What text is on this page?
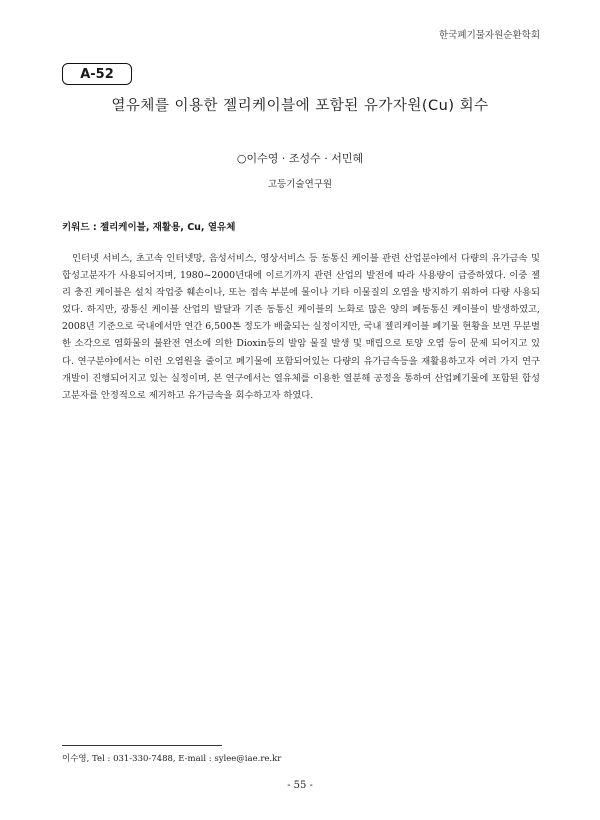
한국폐기물자원순환학회
A-52
열유체를 이용한 젤리케이블에 포함된 유가자원(Cu) 회수
○이수영 · 조성수 · 서민혜
고등기술연구원
키워드 : 젤리케이블, 재활용, Cu, 열유체

인터넷 서비스, 초고속 인터넷망, 음성서비스, 영상서비스 등 동통신 케이블 관련 산업분야에서 다량의 유가금속 및 합성고분자가 사용되어지며, 1980~2000년대에 이르기까지 관련 산업의 발전에 따라 사용량이 급증하였다. 이중 젤리 충진 케이블은 설치 작업중 훼손이나, 또는 접속 부분에 물이나 기타 이물질의 오염을 방지하기 위하여 다량 사용되었다. 하지만, 광통신 케이블 산업의 발달과 기존 동통신 케이블의 노화로 많은 양의 폐동통신 케이블이 발생하였고, 2008년 기준으로 국내에서만 연간 6,500톤 정도가 배출되는 실정이지만, 국내 젤리케이블 폐기물 현황을 보면 무분별한 소각으로 염화물의 불완전 연소에 의한 Dioxin등의 발암 물질 발생 및 매립으로 토양 오염 등이 문제 되어지고 있다. 연구분야에서는 이런 오염원을 줄이고 폐기물에 포함되어있는 다량의 유가금속등을 재활용하고자 여러 가지 연구개발이 진행되어지고 있는 실정이며, 본 연구에서는 열유체를 이용한 열분해 공정을 통하여 산업폐기물에 포함된 합성고분자를 안정적으로 제거하고 유가금속을 회수하고자 하였다.

이수영, Tel : 031-330-7488, E-mail : sylee@iae.re.kr
- 55 -
